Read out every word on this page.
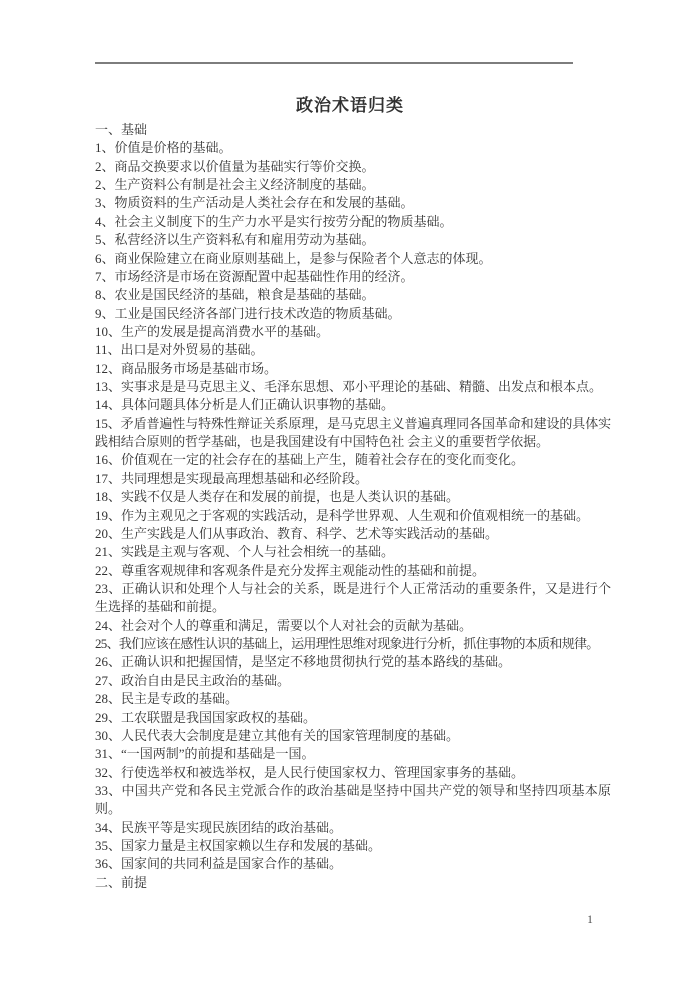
政治术语归类

一、基础

1、价值是价格的基础。

2、商品交换要求以价值量为基础实行等价交换。

2、生产资料公有制是社会主义经济制度的基础。

3、物质资料的生产活动是人类社会存在和发展的基础。

4、社会主义制度下的生产力水平是实行按劳分配的物质基础。

5、私营经济以生产资料私有和雇用劳动为基础。

6、商业保险建立在商业原则基础上，是参与保险者个人意志的体现。

7、市场经济是市场在资源配置中起基础性作用的经济。

8、农业是国民经济的基础，粮食是基础的基础。

9、工业是国民经济各部门进行技术改造的物质基础。

10、生产的发展是提高消费水平的基础。

11、出口是对外贸易的基础。

12、商品服务市场是基础市场。

13、实事求是是马克思主义、毛泽东思想、邓小平理论的基础、精髓、出发点和根本点。

14、具体问题具体分析是人们正确认识事物的基础。

15、矛盾普遍性与特殊性辩证关系原理，是马克思主义普遍真理同各国革命和建设的具体实践相结合原则的哲学基础，也是我国建设有中国特色社 会主义的重要哲学依据。

16、价值观在一定的社会存在的基础上产生，随着社会存在的变化而变化。

17、共同理想是实现最高理想基础和必经阶段。

18、实践不仅是人类存在和发展的前提，也是人类认识的基础。

19、作为主观见之于客观的实践活动，是科学世界观、人生观和价值观相统一的基础。

20、生产实践是人们从事政治、教育、科学、艺术等实践活动的基础。

21、实践是主观与客观、个人与社会相统一的基础。

22、尊重客观规律和客观条件是充分发挥主观能动性的基础和前提。

23、正确认识和处理个人与社会的关系，既是进行个人正常活动的重要条件，又是进行个生选择的基础和前提。

24、社会对个人的尊重和满足，需要以个人对社会的贡献为基础。

25、我们应该在感性认识的基础上，运用理性思维对现象进行分析，抓住事物的本质和规律。

26、正确认识和把握国情，是坚定不移地贯彻执行党的基本路线的基础。

27、政治自由是民主政治的基础。

28、民主是专政的基础。

29、工农联盟是我国国家政权的基础。

30、人民代表大会制度是建立其他有关的国家管理制度的基础。

31、“一国两制”的前提和基础是一国。

32、行使选举权和被选举权，是人民行使国家权力、管理国家事务的基础。

33、中国共产党和各民主党派合作的政治基础是坚持中国共产党的领导和坚持四项基本原则。

34、民族平等是实现民族团结的政治基础。

35、国家力量是主权国家赖以生存和发展的基础。

36、国家间的共同利益是国家合作的基础。

二、前提

1
